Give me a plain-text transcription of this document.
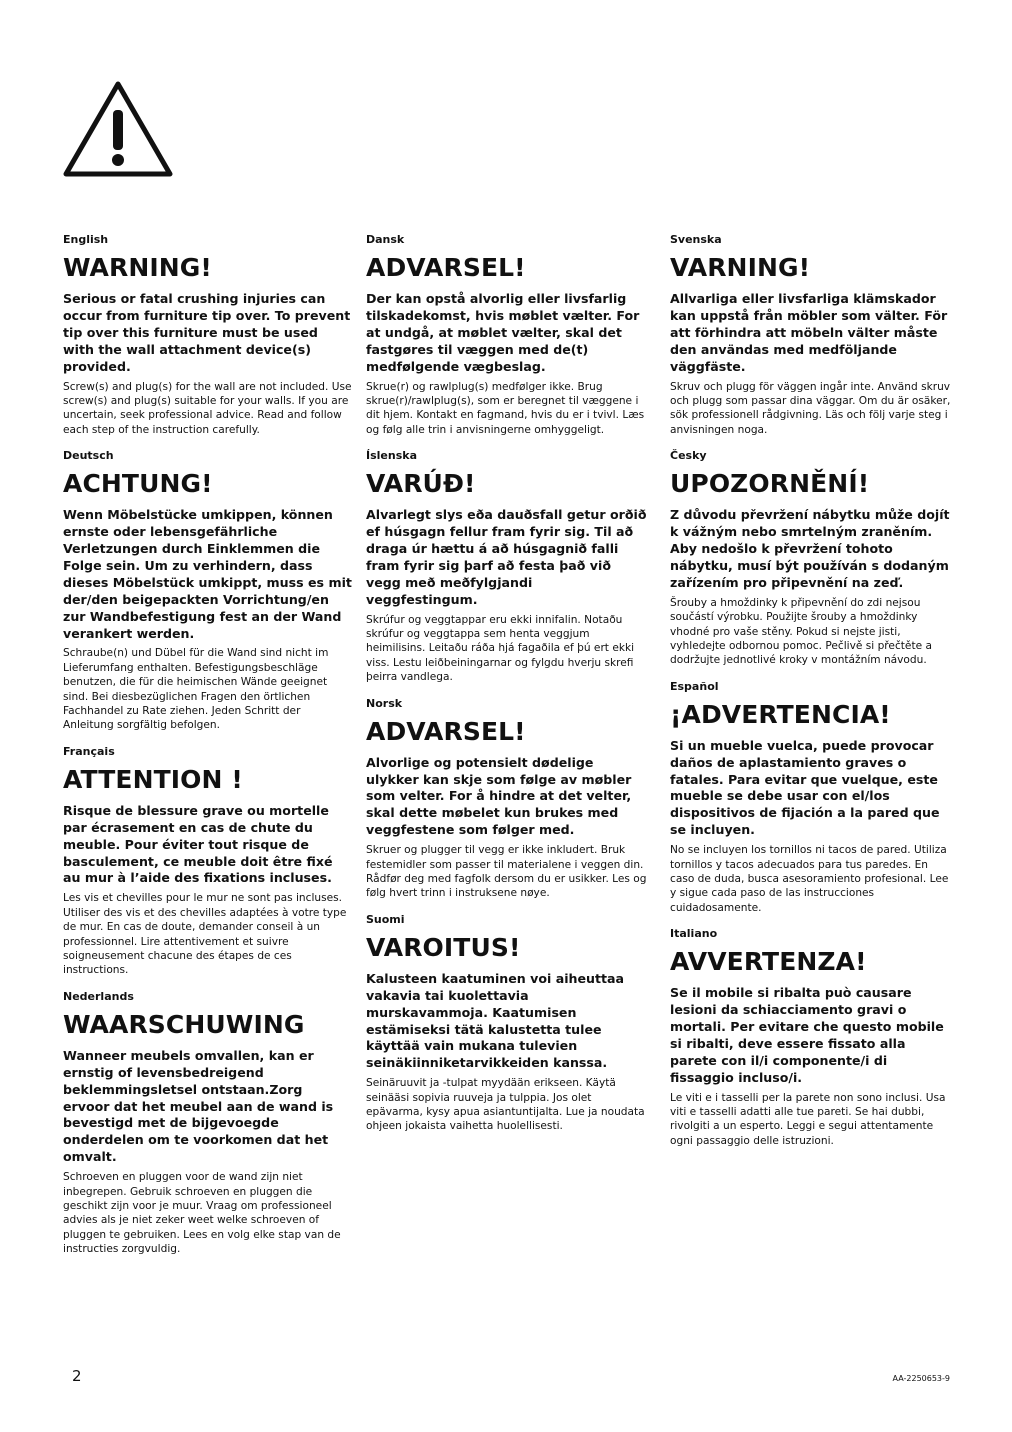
English
WARNING!
Serious or fatal crushing injuries can occur from furniture tip over. To prevent tip over this furniture must be used with the wall attachment device(s) provided.
Screw(s) and plug(s) for the wall are not included. Use screw(s) and plug(s) suitable for your walls. If you are uncertain, seek professional advice. Read and follow each step of the instruction carefully.
Deutsch
ACHTUNG!
Wenn Möbelstücke umkippen, können ernste oder lebensgefährliche Verletzungen durch Einklemmen die Folge sein. Um zu verhindern, dass dieses Möbelstück umkippt, muss es mit der/den beigepackten Vorrichtung/en zur Wandbefestigung fest an der Wand verankert werden.
Schraube(n) und Dübel für die Wand sind nicht im Lieferumfang enthalten. Befestigungsbeschläge benutzen, die für die heimischen Wände geeignet sind. Bei diesbezüglichen Fragen den örtlichen Fachhandel zu Rate ziehen. Jeden Schritt der Anleitung sorgfältig befolgen.
Français
ATTENTION !
Risque de blessure grave ou mortelle par écrasement en cas de chute du meuble. Pour éviter tout risque de basculement, ce meuble doit être fixé au mur à l’aide des fixations incluses.
Les vis et chevilles pour le mur ne sont pas incluses. Utiliser des vis et des chevilles adaptées à votre type de mur. En cas de doute, demander conseil à un professionnel. Lire attentivement et suivre soigneusement chacune des étapes de ces instructions.
Nederlands
WAARSCHUWING
Wanneer meubels omvallen, kan er ernstig of levensbedreigend beklemmingsletsel ontstaan.Zorg ervoor dat het meubel aan de wand is bevestigd met de bijgevoegde onderdelen om te voorkomen dat het omvalt.
Schroeven en pluggen voor de wand zijn niet inbegrepen. Gebruik schroeven en pluggen die geschikt zijn voor je muur. Vraag om professioneel advies als je niet zeker weet welke schroeven of pluggen te gebruiken. Lees en volg elke stap van de instructies zorgvuldig.
Dansk
ADVARSEL!
Der kan opstå alvorlig eller livsfarlig tilskadekomst, hvis møblet vælter. For at undgå, at møblet vælter, skal det fastgøres til væggen med de(t) medfølgende vægbeslag.
Skrue(r) og rawlplug(s) medfølger ikke. Brug skrue(r)/rawlplug(s), som er beregnet til væggene i dit hjem. Kontakt en fagmand, hvis du er i tvivl. Læs og følg alle trin i anvisningerne omhyggeligt.
Íslenska
VARÚÐ!
Alvarlegt slys eða dauðsfall getur orðið ef húsgagn fellur fram fyrir sig. Til að draga úr hættu á að húsgagnið falli fram fyrir sig þarf að festa það við vegg með meðfylgjandi veggfestingum.
Skrúfur og veggtappar eru ekki innifalin. Notaðu skrúfur og veggtappa sem henta veggjum heimilisins. Leitaðu ráða hjá fagaðila ef þú ert ekki viss. Lestu leiðbeiningarnar og fylgdu hverju skrefi þeirra vandlega.
Norsk
ADVARSEL!
Alvorlige og potensielt dødelige ulykker kan skje som følge av møbler som velter. For å hindre at det velter, skal dette møbelet kun brukes med veggfestene som følger med.
Skruer og plugger til vegg er ikke inkludert. Bruk festemidler som passer til materialene i veggen din. Rådfør deg med fagfolk dersom du er usikker. Les og følg hvert trinn i instruksene nøye.
Suomi
VAROITUS!
Kalusteen kaatuminen voi aiheuttaa vakavia tai kuolettavia murskavammoja. Kaatumisen estämiseksi tätä kalustetta tulee käyttää vain mukana tulevien seinäkiinniketarvikkeiden kanssa.
Seinäruuvit ja -tulpat myydään erikseen. Käytä seinääsi sopivia ruuveja ja tulppia. Jos olet epävarma, kysy apua asiantuntijalta. Lue ja noudata ohjeen jokaista vaihetta huolellisesti.
Svenska
VARNING!
Allvarliga eller livsfarliga klämskador kan uppstå från möbler som välter. För att förhindra att möbeln välter måste den användas med medföljande väggfäste.
Skruv och plugg för väggen ingår inte. Använd skruv och plugg som passar dina väggar. Om du är osäker, sök professionell rådgivning. Läs och följ varje steg i anvisningen noga.
Česky
UPOZORNĚNÍ!
Z důvodu převržení nábytku může dojít k vážným nebo smrtelným zraněním. Aby nedošlo k převržení tohoto nábytku, musí být používán s dodaným zařízením pro připevnění na zeď.
Šrouby a hmoždinky k připevnění do zdi nejsou součástí výrobku. Použijte šrouby a hmoždinky vhodné pro vaše stěny. Pokud si nejste jisti, vyhledejte odbornou pomoc. Pečlivě si přečtěte a dodržujte jednotlivé kroky v montážním návodu.
Español
¡ADVERTENCIA!
Si un mueble vuelca, puede provocar daños de aplastamiento graves o fatales. Para evitar que vuelque, este mueble se debe usar con el/los dispositivos de fijación a la pared que se incluyen.
No se incluyen los tornillos ni tacos de pared. Utiliza tornillos y tacos adecuados para tus paredes. En caso de duda, busca asesoramiento profesional. Lee y sigue cada paso de las instrucciones cuidadosamente.
Italiano
AVVERTENZA!
Se il mobile si ribalta può causare lesioni da schiacciamento gravi o mortali. Per evitare che questo mobile si ribalti, deve essere fissato alla parete con il/i componente/i di fissaggio incluso/i.
Le viti e i tasselli per la parete non sono inclusi. Usa viti e tasselli adatti alle tue pareti. Se hai dubbi, rivolgiti a un esperto. Leggi e segui attentamente ogni passaggio delle istruzioni.
2	AA-2250653-9
